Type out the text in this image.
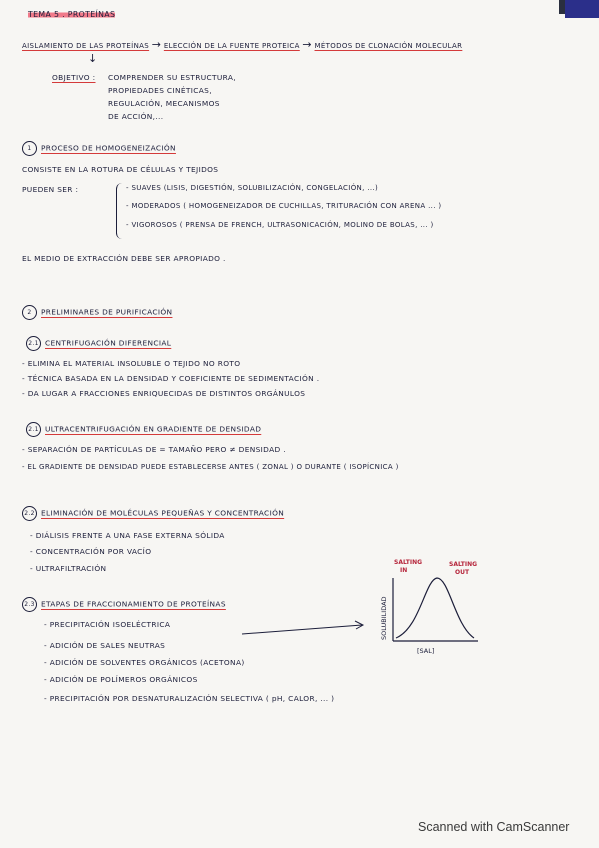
TEMA 5 . PROTEÍNAS
AISLAMIENTO DE LAS PROTEÍNAS → ELECCIÓN DE LA FUENTE PROTEICA → MÉTODOS DE CLONACIÓN MOLECULAR
↓
OBJETIVO : COMPRENDER SU ESTRUCTURA,
PROPIEDADES CINÉTICAS,
REGULACIÓN, MECANISMOS
DE ACCIÓN,...
1 PROCESO DE HOMOGENEIZACIÓN
CONSISTE EN LA ROTURA DE CÉLULAS Y TEJIDOS
PUEDEN SER :	- SUAVES (LISIS, DIGESTIÓN, SOLUBILIZACIÓN, CONGELACIÓN, ...)
- MODERADOS ( HOMOGENEIZADOR DE CUCHILLAS, TRITURACIÓN CON ARENA ... )
- VIGOROSOS ( PRENSA DE FRENCH, ULTRASONICACIÓN, MOLINO DE BOLAS, ... )
EL MEDIO DE EXTRACCIÓN DEBE SER APROPIADO .
2 PRELIMINARES DE PURIFICACIÓN
2.1 CENTRIFUGACIÓN DIFERENCIAL
- ELIMINA EL MATERIAL INSOLUBLE O TEJIDO NO ROTO
- TÉCNICA BASADA EN LA DENSIDAD Y COEFICIENTE DE SEDIMENTACIÓN .
- DA LUGAR A FRACCIONES ENRIQUECIDAS DE DISTINTOS ORGÁNULOS
2.1 ULTRACENTRIFUGACIÓN EN GRADIENTE DE DENSIDAD
- SEPARACIÓN DE PARTÍCULAS DE = TAMAÑO PERO ≠ DENSIDAD .
- EL GRADIENTE DE DENSIDAD PUEDE ESTABLECERSE ANTES ( ZONAL ) O DURANTE ( ISOPÍCNICA )
2.2 ELIMINACIÓN DE MOLÉCULAS PEQUEÑAS Y CONCENTRACIÓN
- DIÁLISIS FRENTE A UNA FASE EXTERNA SÓLIDA
- CONCENTRACIÓN POR VACÍO
- ULTRAFILTRACIÓN
2.3 ETAPAS DE FRACCIONAMIENTO DE PROTEÍNAS
- PRECIPITACIÓN ISOELÉCTRICA
- ADICIÓN DE SALES NEUTRAS
- ADICIÓN DE SOLVENTES ORGÁNICOS (ACETONA)
- ADICIÓN DE POLÍMEROS ORGÁNICOS
- PRECIPITACIÓN POR DESNATURALIZACIÓN SELECTIVA ( pH, CALOR, ... )
SOLUBILIDAD
[SAL]
SALTING IN
SALTING OUT
Scanned with CamScanner
